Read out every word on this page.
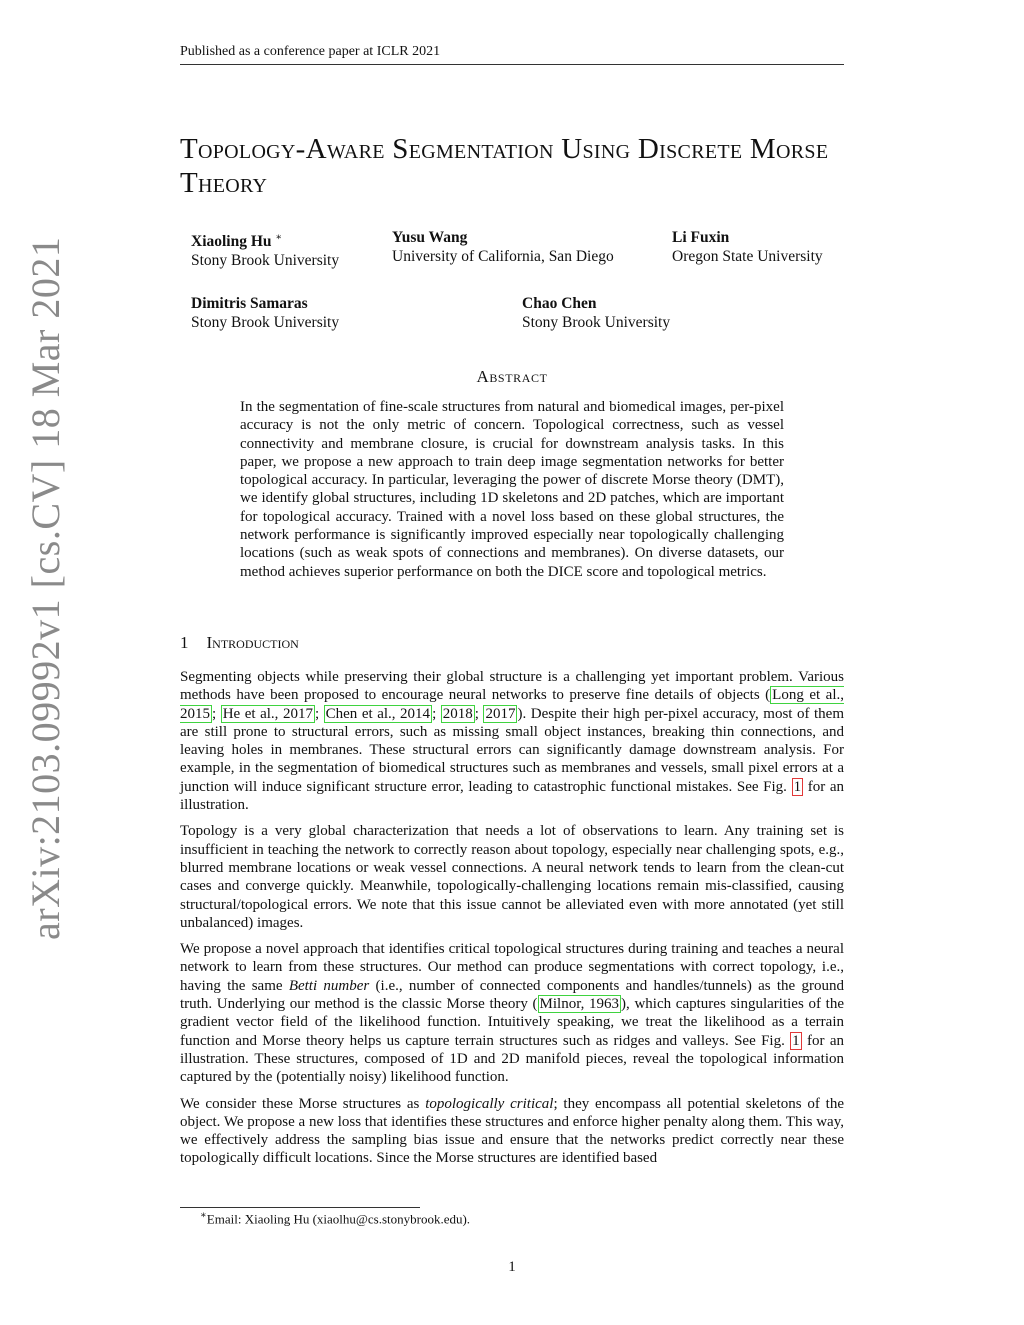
Published as a conference paper at ICLR 2021
arXiv:2103.09992v1 [cs.CV] 18 Mar 2021
Topology-Aware Segmentation Using Discrete Morse Theory
Xiaoling Hu ∗
Stony Brook University
Yusu Wang
University of California, San Diego
Li Fuxin
Oregon State University
Dimitris Samaras
Stony Brook University
Chao Chen
Stony Brook University
Abstract
In the segmentation of fine-scale structures from natural and biomedical images, per-pixel accuracy is not the only metric of concern. Topological correctness, such as vessel connectivity and membrane closure, is crucial for downstream analysis tasks. In this paper, we propose a new approach to train deep image segmentation networks for better topological accuracy. In particular, leveraging the power of discrete Morse theory (DMT), we identify global structures, including 1D skeletons and 2D patches, which are important for topological accuracy. Trained with a novel loss based on these global structures, the network performance is significantly improved especially near topologically challenging locations (such as weak spots of connections and membranes). On diverse datasets, our method achieves superior performance on both the DICE score and topological metrics.
1 Introduction

Segmenting objects while preserving their global structure is a challenging yet important problem. Various methods have been proposed to encourage neural networks to preserve fine details of objects ( Long et al., 2015 ; He et al., 2017 ; Chen et al., 2014 ; 2018 ; 2017 ). Despite their high per-pixel accuracy, most of them are still prone to structural errors, such as missing small object instances, breaking thin connections, and leaving holes in membranes. These structural errors can significantly damage downstream analysis. For example, in the segmentation of biomedical structures such as membranes and vessels, small pixel errors at a junction will induce significant structure error, leading to catastrophic functional mistakes. See Fig. 1 for an illustration.

Topology is a very global characterization that needs a lot of observations to learn. Any training set is insufficient in teaching the network to correctly reason about topology, especially near challenging spots, e.g., blurred membrane locations or weak vessel connections. A neural network tends to learn from the clean-cut cases and converge quickly. Meanwhile, topologically-challenging locations remain mis-classified, causing structural/topological errors. We note that this issue cannot be alleviated even with more annotated (yet still unbalanced) images.

We propose a novel approach that identifies critical topological structures during training and teaches a neural network to learn from these structures. Our method can produce segmentations with correct topology, i.e., having the same Betti number (i.e., number of connected components and handles/tunnels) as the ground truth. Underlying our method is the classic Morse theory ( Milnor, 1963 ), which captures singularities of the gradient vector field of the likelihood function. Intuitively speaking, we treat the likelihood as a terrain function and Morse theory helps us capture terrain structures such as ridges and valleys. See Fig. 1 for an illustration. These structures, composed of 1D and 2D manifold pieces, reveal the topological information captured by the (potentially noisy) likelihood function.

We consider these Morse structures as topologically critical; they encompass all potential skeletons of the object. We propose a new loss that identifies these structures and enforce higher penalty along them. This way, we effectively address the sampling bias issue and ensure that the networks predict correctly near these topologically difficult locations. Since the Morse structures are identified based

∗Email: Xiaoling Hu (xiaolhu@cs.stonybrook.edu).
1
